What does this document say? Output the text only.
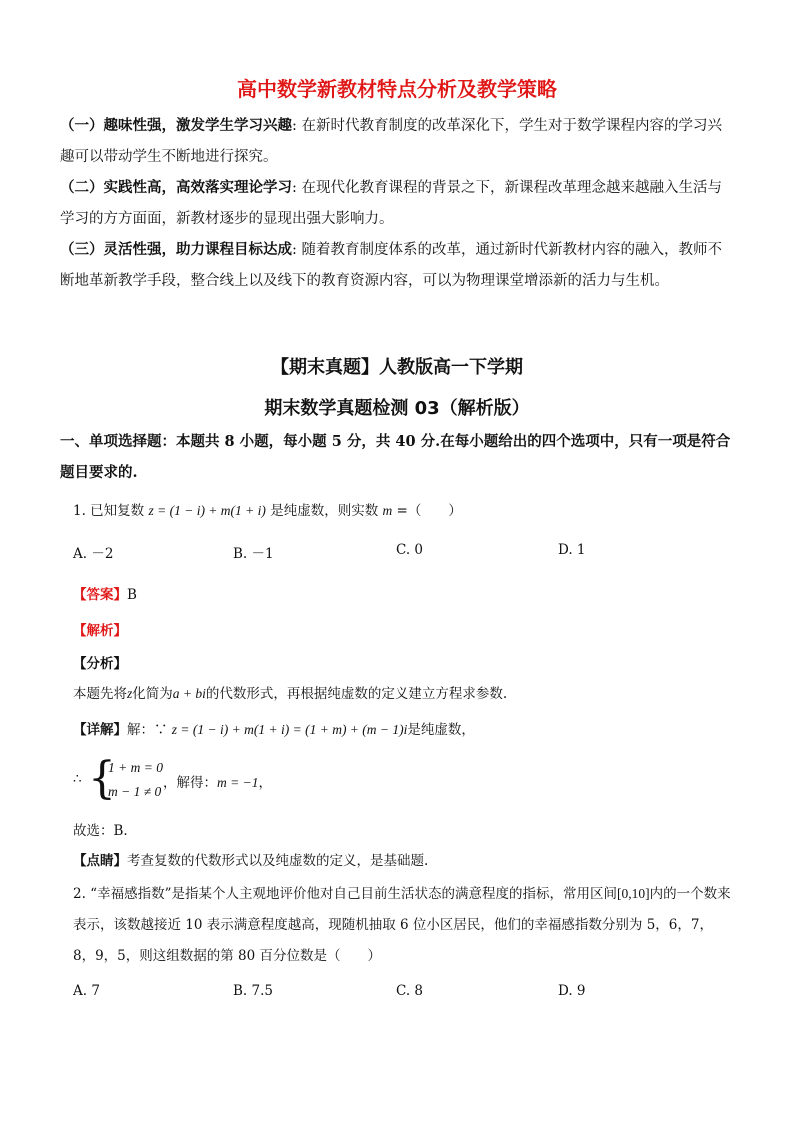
高中数学新教材特点分析及教学策略
（一）趣味性强，激发学生学习兴趣: 在新时代教育制度的改革深化下，学生对于数学课程内容的学习兴趣可以带动学生不断地进行探究。
（二）实践性高，高效落实理论学习: 在现代化教育课程的背景之下，新课程改革理念越来越融入生活与学习的方方面面，新教材逐步的显现出强大影响力。
（三）灵活性强，助力课程目标达成: 随着教育制度体系的改革，通过新时代新教材内容的融入，教师不断地革新教学手段，整合线上以及线下的教育资源内容，可以为物理课堂增添新的活力与生机。
【期末真题】人教版高一下学期
期末数学真题检测 03（解析版）
一、单项选择题：本题共 8 小题，每小题 5 分，共 40 分.在每小题给出的四个选项中，只有一项是符合题目要求的.
1. 已知复数 z = (1 − i) + m(1 + i) 是纯虚数，则实数 m =（　　）
A. －2	B. －1	C. 0	D. 1
【答案】B
【解析】
【分析】
本题先将z化简为a + bi的代数形式，再根据纯虚数的定义建立方程求参数.
【详解】解：∵ z = (1 − i) + m(1 + i) = (1 + m) + (m − 1)i是纯虚数，
∴ {
1 + m = 0
m − 1 ≠ 0
，解得：m = −1，
故选：B.
【点睛】考查复数的代数形式以及纯虚数的定义，是基础题.
2. “幸福感指数”是指某个人主观地评价他对自己目前生活状态的满意程度的指标，常用区间[0,10]内的一个数来表示，该数越接近 10 表示满意程度越高，现随机抽取 6 位小区居民，他们的幸福感指数分别为 5，6，7，8，9，5，则这组数据的第 80 百分位数是（　　）
A. 7	B. 7.5	C. 8	D. 9
